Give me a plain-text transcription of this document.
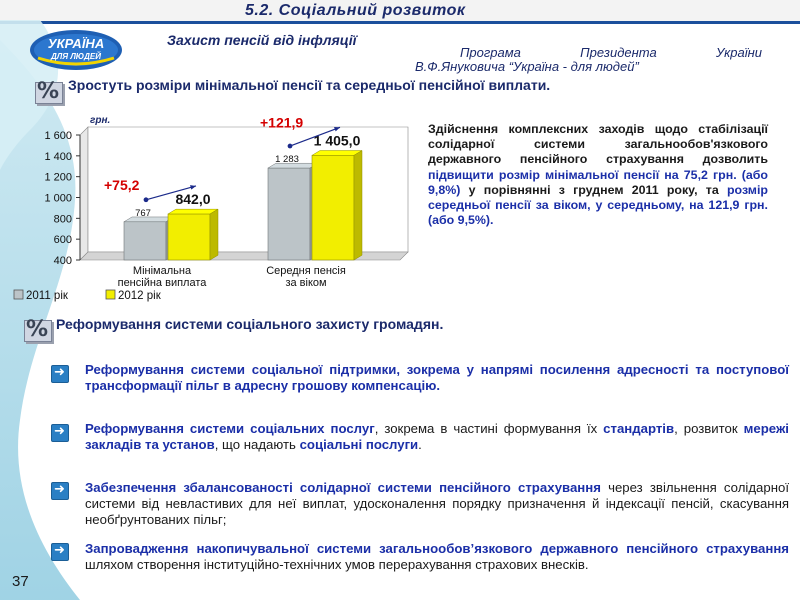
5.2. Соціальний розвиток
УКРАЇНА
ДЛЯ ЛЮДЕЙ
Захист пенсій від інфляції
Програма Президента України
В.Ф.Януковича “Україна - для людей”
% Зростуть розміри мінімальної пенсії та середньої пенсійної виплати.
грн.
400
600
800
1 000
1 200
1 400
1 600
767
842,0
+75,2
Мінімальна
пенсійна виплата
1 283
1 405,0
+121,9
Середня пенсія
за віком
2011 рік	2012 рік
Здійснення комплексних заходів щодо стабілізації солідарної системи загальнообов'язкового державного пенсійного страхування дозволить підвищити розмір мінімальної пенсії на 75,2 грн. (або 9,8%) у порівнянні з груднем 2011 року, та розмір середньої пенсії за віком, у середньому, на 121,9 грн. (або 9,5%).
% Реформування системи соціального захисту громадян.
➜ Реформування системи соціальної підтримки, зокрема у напрямі посилення адресності та поступової трансформації пільг в адресну грошову компенсацію.
➜ Реформування системи соціальних послуг, зокрема в частині формування їх стандартів, розвиток мережі закладів та установ, що надають соціальні послуги.
➜ Забезпечення збалансованості солідарної системи пенсійного страхування через звільнення солідарної системи від невластивих для неї виплат, удосконалення порядку призначення й індексації пенсій, скасування необґрунтованих пільг;
➜ Запровадження накопичувальної системи загальнообов’язкового державного пенсійного страхування шляхом створення інституційно-технічних умов перерахування страхових внесків.
37
